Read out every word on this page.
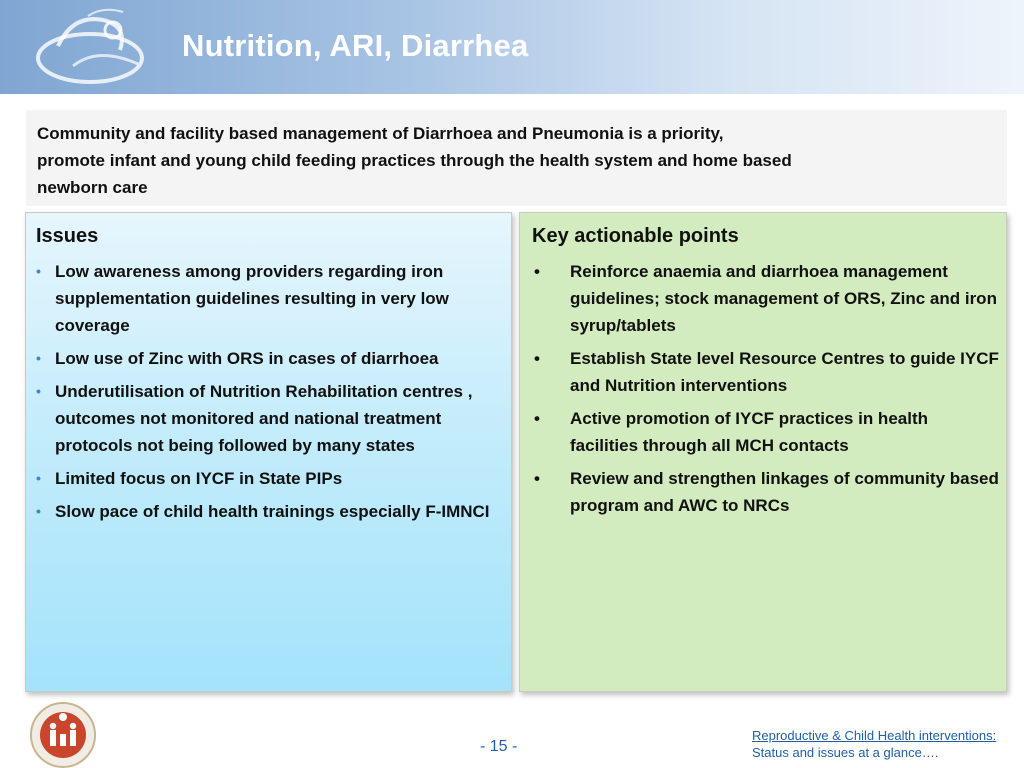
Nutrition, ARI, Diarrhea
Community and facility based management of Diarrhoea and Pneumonia is a priority,
promote infant and young child feeding practices through the health system and home based
newborn care
Issues
• Low awareness among providers regarding iron supplementation guidelines resulting in very low coverage
• Low use of Zinc with ORS in cases of diarrhoea
• Underutilisation of Nutrition Rehabilitation centres , outcomes not monitored and national treatment protocols not being followed by many states
• Limited focus on IYCF in State PIPs
• Slow pace of child health trainings especially F-IMNCI
Key actionable points
• Reinforce anaemia and diarrhoea management guidelines; stock management of ORS, Zinc and iron syrup/tablets
• Establish State level Resource Centres to guide IYCF and Nutrition interventions
• Active promotion of IYCF practices in health facilities through all MCH contacts
• Review and strengthen linkages of community based program and AWC to NRCs
- 15 -
Reproductive & Child Health interventions:
Status and issues at a glance….
